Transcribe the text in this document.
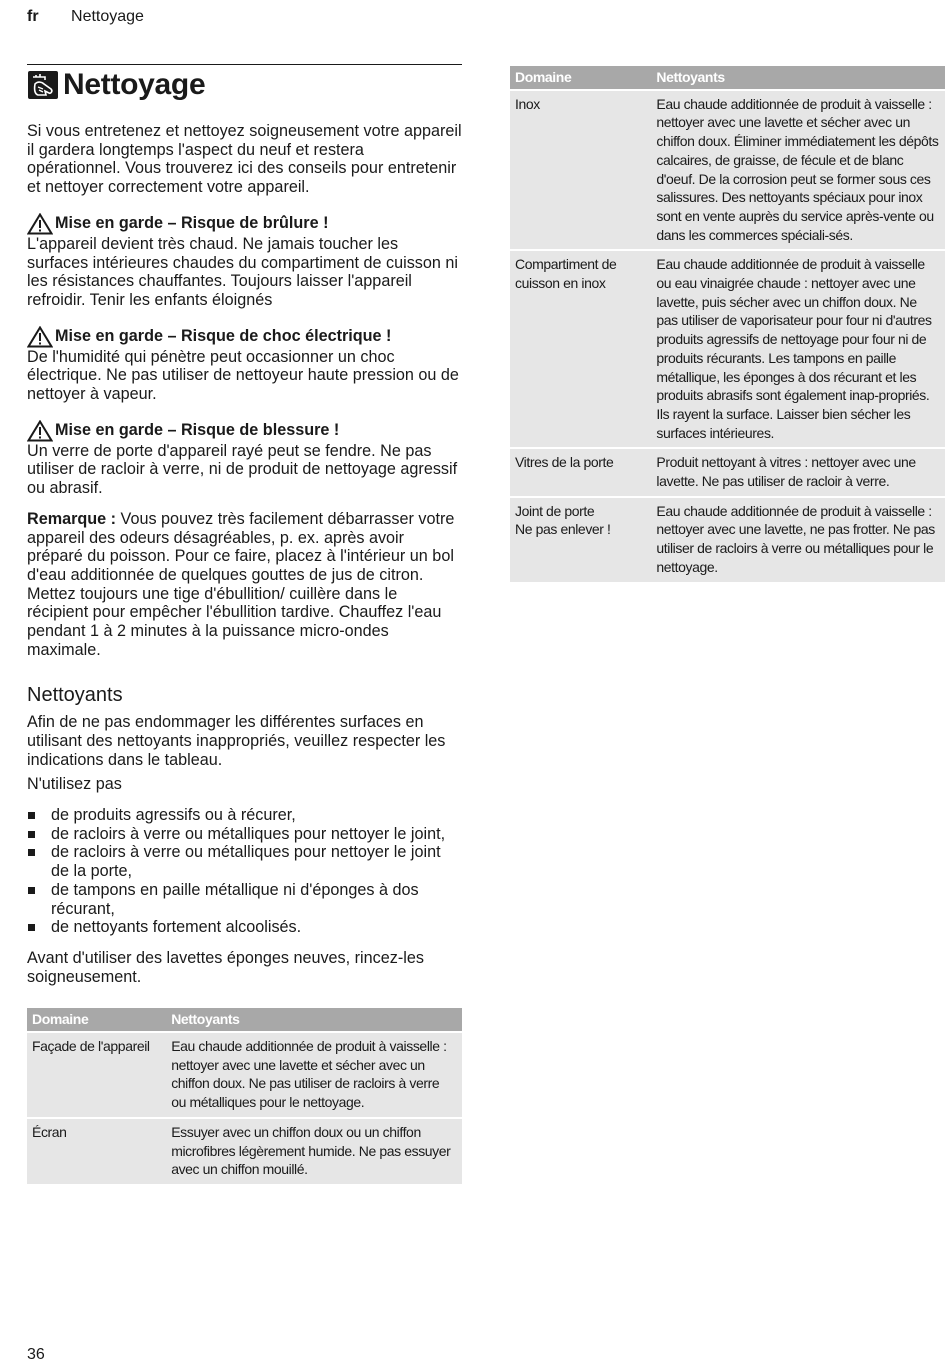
fr Nettoyage
Nettoyage

Si vous entretenez et nettoyez soigneusement votre appareil il gardera longtemps l'aspect du neuf et restera opérationnel. Vous trouverez ici des conseils pour entretenir et nettoyer correctement votre appareil.

Mise en garde – Risque de brûlure !

L'appareil devient très chaud. Ne jamais toucher les surfaces intérieures chaudes du compartiment de cuisson ni les résistances chauffantes. Toujours laisser l'appareil refroidir. Tenir les enfants éloignés

Mise en garde – Risque de choc électrique !

De l'humidité qui pénètre peut occasionner un choc électrique. Ne pas utiliser de nettoyeur haute pression ou de nettoyer à vapeur.

Mise en garde – Risque de blessure !

Un verre de porte d'appareil rayé peut se fendre. Ne pas utiliser de racloir à verre, ni de produit de nettoyage agressif ou abrasif.

Remarque : Vous pouvez très facilement débarrasser votre appareil des odeurs désagréables, p. ex. après avoir préparé du poisson. Pour ce faire, placez à l'intérieur un bol d'eau additionnée de quelques gouttes de jus de citron. Mettez toujours une tige d'ébullition/ cuillère dans le récipient pour empêcher l'ébullition tardive. Chauffez l'eau pendant 1 à 2 minutes à la puissance micro-ondes maximale.

Nettoyants

Afin de ne pas endommager les différentes surfaces en utilisant des nettoyants inappropriés, veuillez respecter les indications dans le tableau.

N'utilisez pas

de produits agressifs ou à récurer,
de racloirs à verre ou métalliques pour nettoyer le joint,
de racloirs à verre ou métalliques pour nettoyer le joint de la porte,
de tampons en paille métallique ni d'éponges à dos récurant,
de nettoyants fortement alcoolisés.

Avant d'utiliser des lavettes éponges neuves, rincez-les soigneusement.

Domaine	Nettoyants
Façade de l'appareil	Eau chaude additionnée de produit à vaisselle : nettoyer avec une lavette et sécher avec un chiffon doux. Ne pas utiliser de racloirs à verre ou métalliques pour le nettoyage.
Écran	Essuyer avec un chiffon doux ou un chiffon microfibres légèrement humide. Ne pas essuyer avec un chiffon mouillé.
Domaine	Nettoyants
Inox	Eau chaude additionnée de produit à vaisselle : nettoyer avec une lavette et sécher avec un chiffon doux. Éliminer immédiatement les dépôts calcaires, de graisse, de fécule et de blanc d'oeuf. De la corrosion peut se former sous ces salissures. Des nettoyants spéciaux pour inox sont en vente auprès du service après-vente ou dans les commerces spéciali-sés.
Compartiment de cuisson en inox	Eau chaude additionnée de produit à vaisselle ou eau vinaigrée chaude : nettoyer avec une lavette, puis sécher avec un chiffon doux. Ne pas utiliser de vaporisateur pour four ni d'autres produits agressifs de nettoyage pour four ni de produits récurants. Les tampons en paille métallique, les éponges à dos récurant et les produits abrasifs sont également inap-propriés. Ils rayent la surface. Laisser bien sécher les surfaces intérieures.
Vitres de la porte	Produit nettoyant à vitres : nettoyer avec une lavette. Ne pas utiliser de racloir à verre.
Joint de porte
Ne pas enlever !	Eau chaude additionnée de produit à vaisselle : nettoyer avec une lavette, ne pas frotter. Ne pas utiliser de racloirs à verre ou métalliques pour le nettoyage.
36
